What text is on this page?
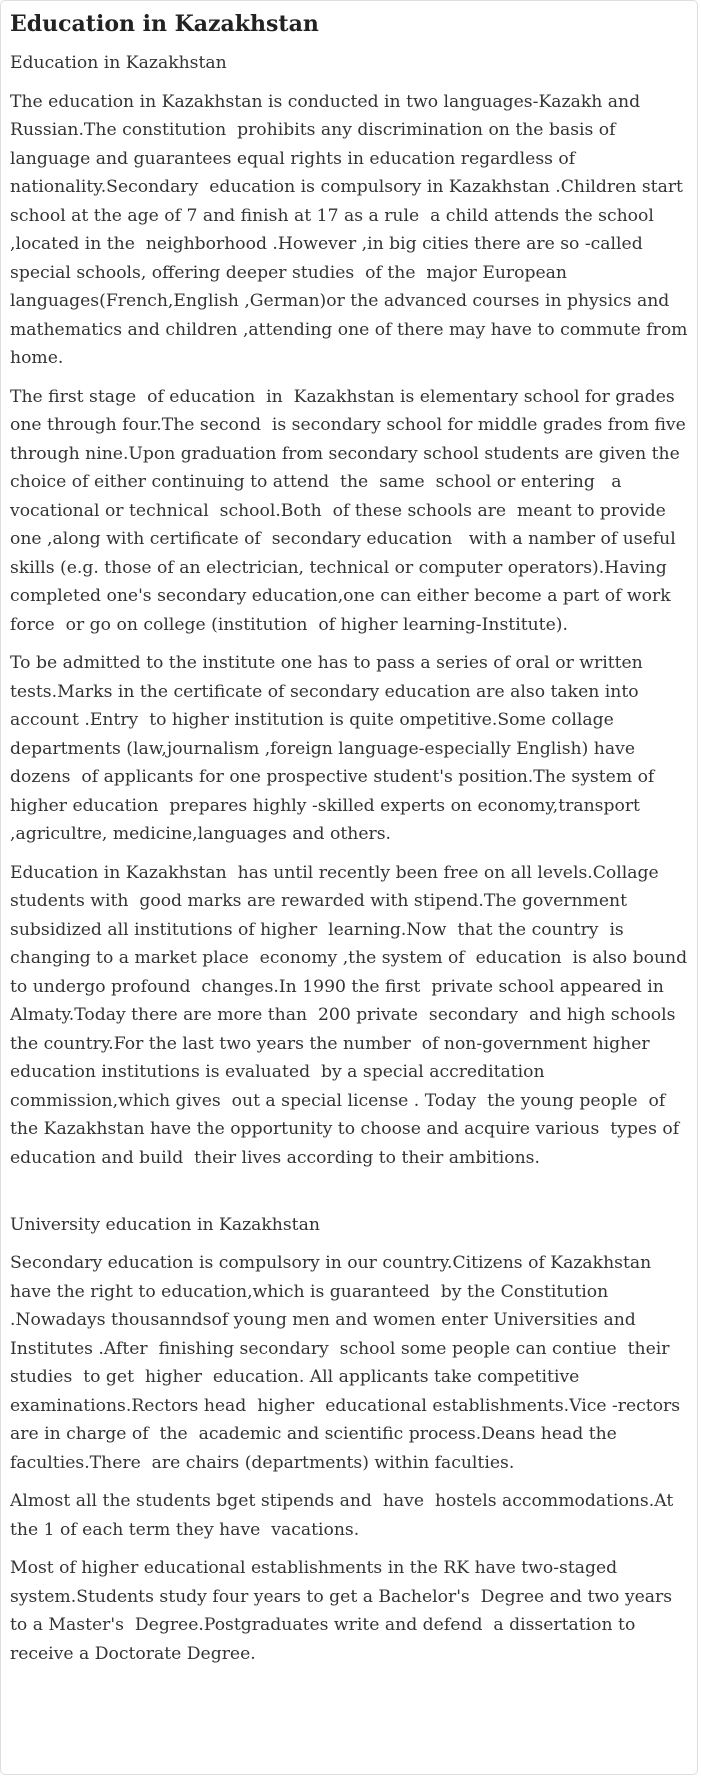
Education in Kazakhstan

Education in Kazakhstan

The education in Kazakhstan is conducted in two languages-Kazakh and Russian.The constitution  prohibits any discrimination on the basis of language and guarantees equal rights in education regardless of nationality.Secondary  education is compulsory in Kazakhstan .Children start  school at the age of 7 and finish at 17 as a rule  a child attends the school ,located in the  neighborhood .However ,in big cities there are so -called special schools, offering deeper studies  of the  major European languages(French,English ,German)or the advanced courses in physics and mathematics and children ,attending one of there may have to commute from home.

The first stage  of education  in  Kazakhstan is elementary school for grades one through four.The second  is secondary school for middle grades from five through nine.Upon graduation from secondary school students are given the  choice of either continuing to attend  the  same  school or entering   a vocational or technical  school.Both  of these schools are  meant to provide one ,along with certificate of  secondary education   with a namber of useful skills (e.g. those of an electrician, technical or computer operators).Having completed one's secondary education,one can either become a part of work force  or go on college (institution  of higher learning-Institute).

To be admitted to the institute one has to pass a series of oral or written tests.Marks in the certificate of secondary education are also taken into account .Entry  to higher institution is quite ompetitive.Some collage departments (law,journalism ,foreign language-especially English) have dozens  of applicants for one prospective student's position.The system of higher education  prepares highly -skilled experts on economy,transport ,agricultre, medicine,languages and others.

Education in Kazakhstan  has until recently been free on all levels.Collage students with  good marks are rewarded with stipend.The government subsidized all institutions of higher  learning.Now  that the country  is changing to a market place  economy ,the system of  education  is also bound to undergo profound  changes.In 1990 the first  private school appeared in Almaty.Today there are more than  200 private  secondary  and high schools  the country.For the last two years the number  of non-government higher education institutions is evaluated  by a special accreditation commission,which gives  out a special license . Today  the young people  of the Kazakhstan have the opportunity to choose and acquire various  types of  education and build  their lives according to their ambitions.

University education in Kazakhstan

Secondary education is compulsory in our country.Citizens of Kazakhstan have the right to education,which is guaranteed  by the Constitution .Nowadays thousanndsof young men and women enter Universities and Institutes .After  finishing secondary  school some people can contiue  their studies  to get  higher  education. All applicants take competitive examinations.Rectors head  higher  educational establishments.Vice -rectors  are in charge of  the  academic and scientific process.Deans head the faculties.There  are chairs (departments) within faculties.

Almost all the students bget stipends and  have  hostels accommodations.At the 1 of each term they have  vacations.

Most of higher educational establishments in the RK have two-staged system.Students study four years to get a Bachelor's  Degree and two years to a Master's  Degree.Postgraduates write and defend  a dissertation to receive a Doctorate Degree.
